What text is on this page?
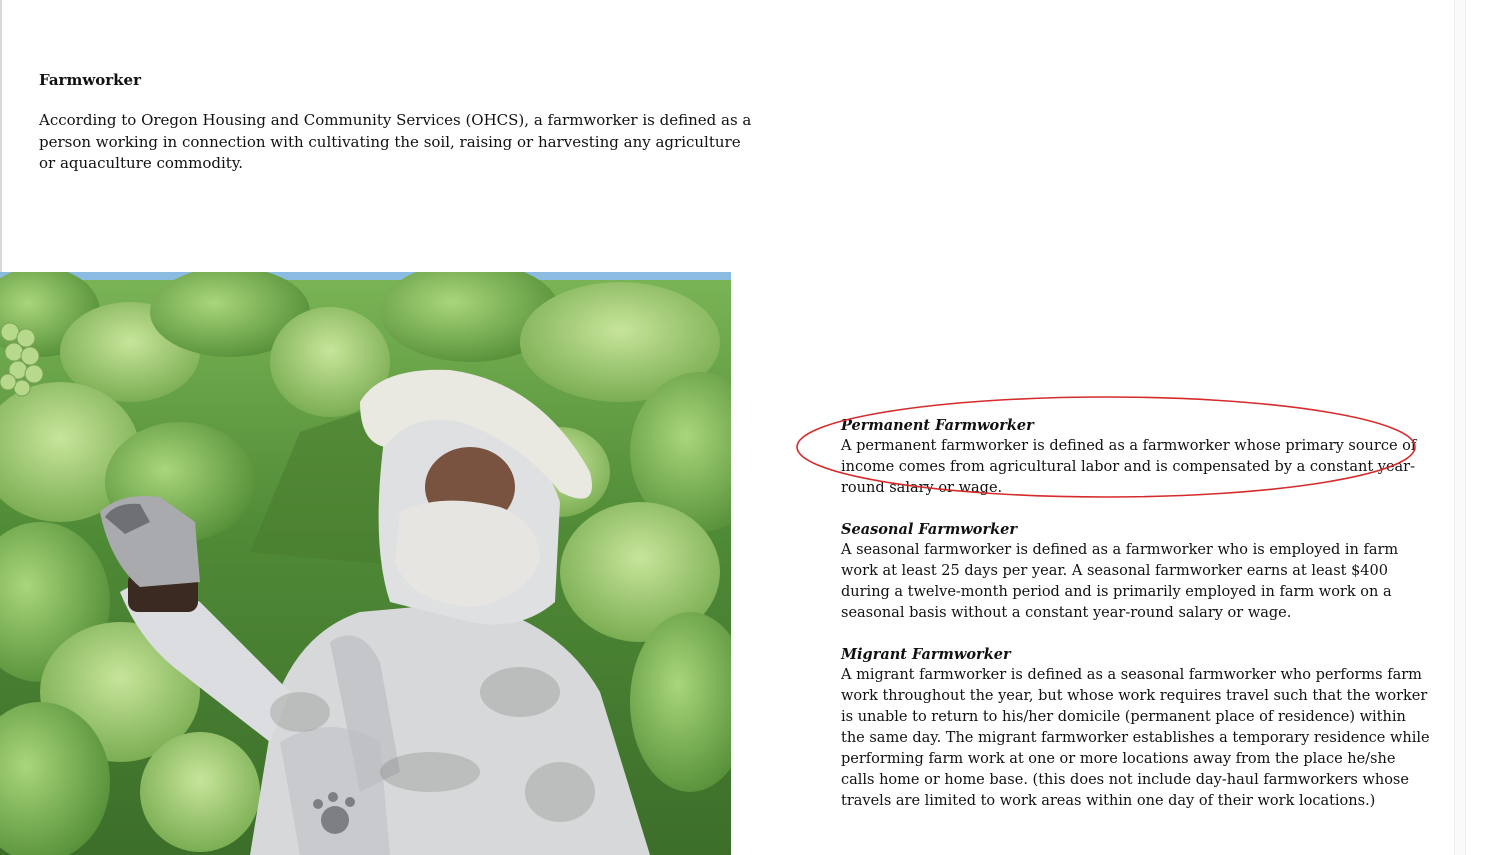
Farmworker

According to Oregon Housing and Community Services (OHCS), a farmworker is defined as a person working in connection with cultivating the soil, raising or harvesting any agriculture or aquaculture commodity.

Permanent Farmworker
A permanent farmworker is defined as a farmworker whose primary source of income comes from agricultural labor and is compensated by a constant year-round salary or wage.
Seasonal Farmworker
A seasonal farmworker is defined as a farmworker who is employed in farm work at least 25 days per year. A seasonal farmworker earns at least $400 during a twelve-month period and is primarily employed in farm work on a seasonal basis without a constant year-round salary or wage.
Migrant Farmworker
A migrant farmworker is defined as a seasonal farmworker who performs farm work throughout the year, but whose work requires travel such that the worker is unable to return to his/her domicile (permanent place of residence) within the same day. The migrant farmworker establishes a temporary residence while performing farm work at one or more locations away from the place he/she calls home or home base. (this does not include day-haul farmworkers whose travels are limited to work areas within one day of their work locations.)
